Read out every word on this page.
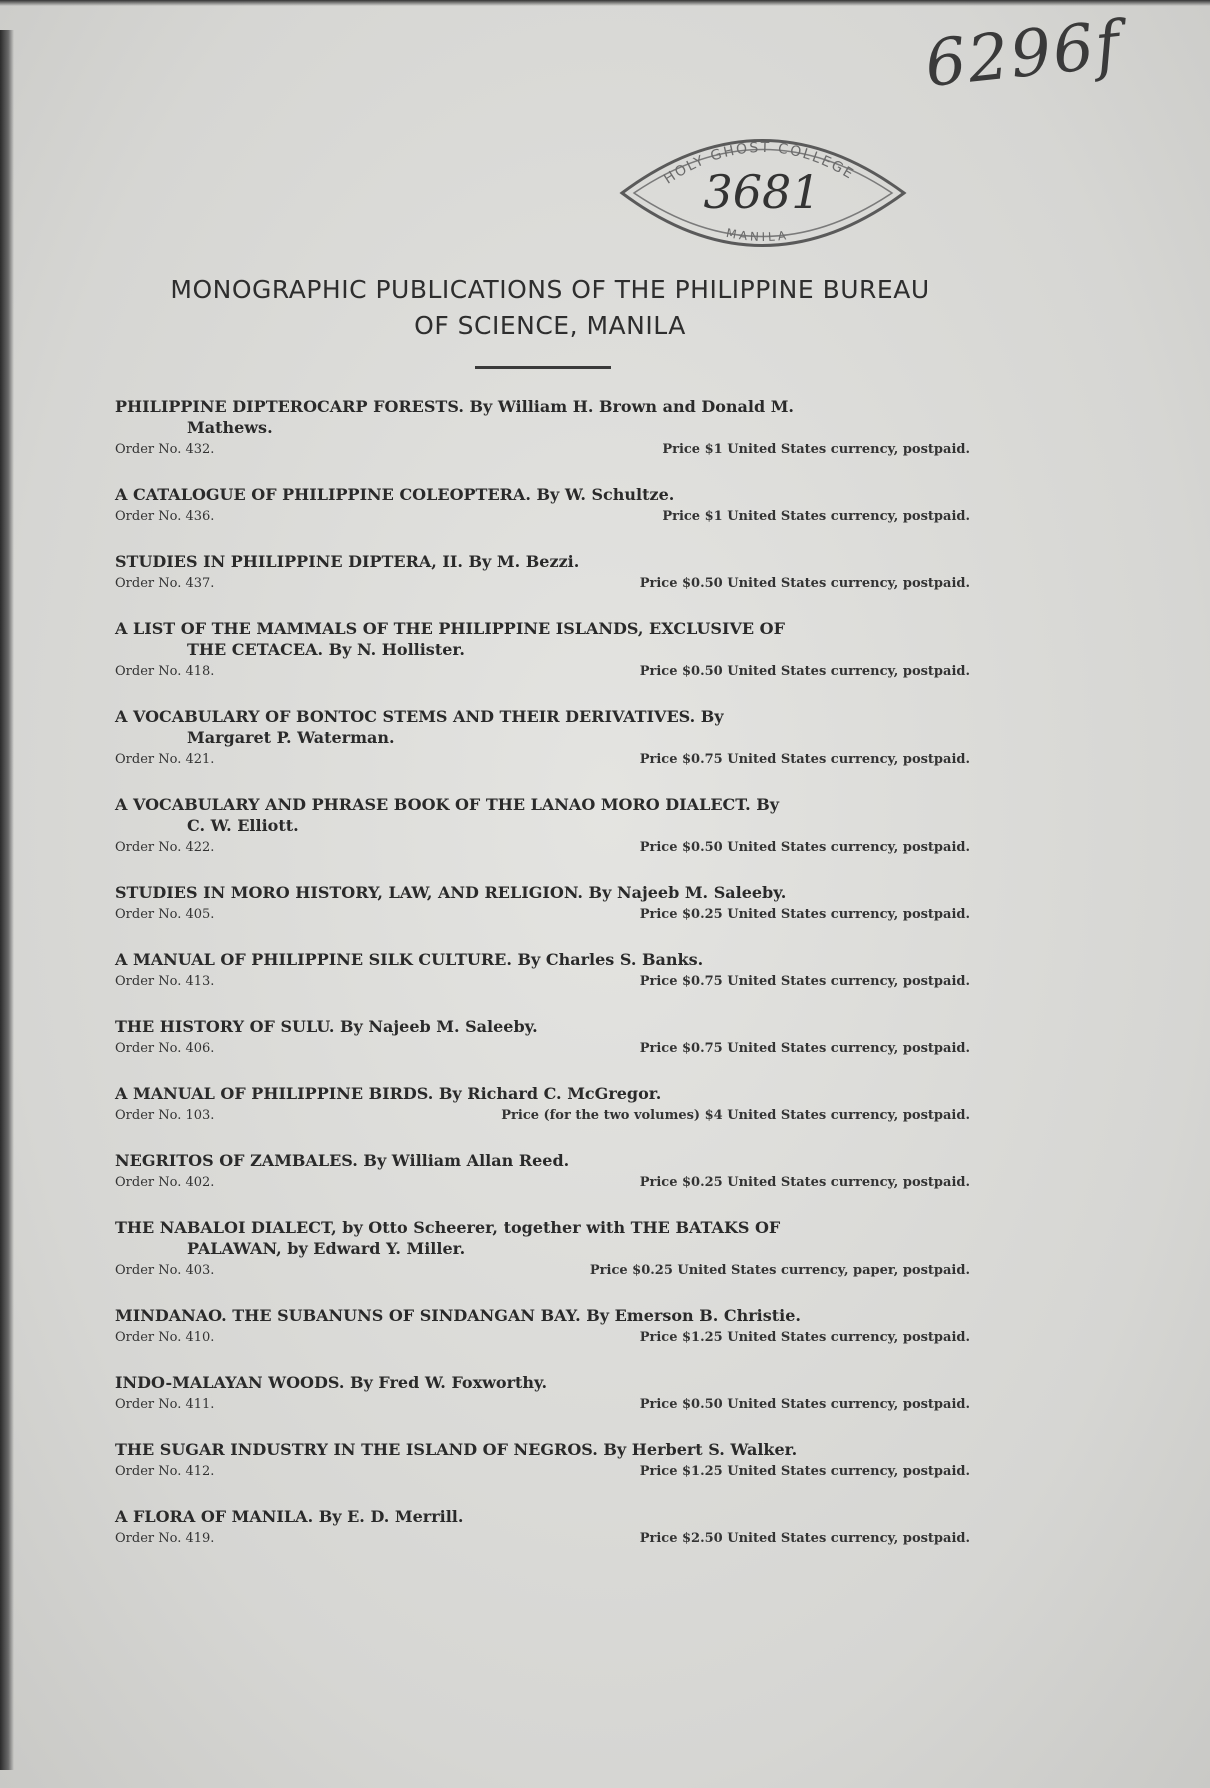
6296f
HOLY GHOST COLLEGE
3681
MANILA
MONOGRAPHIC PUBLICATIONS OF THE PHILIPPINE BUREAU
OF SCIENCE, MANILA
PHILIPPINE DIPTEROCARP FORESTS. By William H. Brown and Donald M.
Mathews.
Order No. 432.	Price $1 United States currency, postpaid.
A CATALOGUE OF PHILIPPINE COLEOPTERA. By W. Schultze.
Order No. 436.	Price $1 United States currency, postpaid.
STUDIES IN PHILIPPINE DIPTERA, II. By M. Bezzi.
Order No. 437.	Price $0.50 United States currency, postpaid.
A LIST OF THE MAMMALS OF THE PHILIPPINE ISLANDS, EXCLUSIVE OF
THE CETACEA. By N. Hollister.
Order No. 418.	Price $0.50 United States currency, postpaid.
A VOCABULARY OF BONTOC STEMS AND THEIR DERIVATIVES. By
Margaret P. Waterman.
Order No. 421.	Price $0.75 United States currency, postpaid.
A VOCABULARY AND PHRASE BOOK OF THE LANAO MORO DIALECT. By
C. W. Elliott.
Order No. 422.	Price $0.50 United States currency, postpaid.
STUDIES IN MORO HISTORY, LAW, AND RELIGION. By Najeeb M. Saleeby.
Order No. 405.	Price $0.25 United States currency, postpaid.
A MANUAL OF PHILIPPINE SILK CULTURE. By Charles S. Banks.
Order No. 413.	Price $0.75 United States currency, postpaid.
THE HISTORY OF SULU. By Najeeb M. Saleeby.
Order No. 406.	Price $0.75 United States currency, postpaid.
A MANUAL OF PHILIPPINE BIRDS. By Richard C. McGregor.
Order No. 103.	Price (for the two volumes) $4 United States currency, postpaid.
NEGRITOS OF ZAMBALES. By William Allan Reed.
Order No. 402.	Price $0.25 United States currency, postpaid.
THE NABALOI DIALECT, by Otto Scheerer, together with THE BATAKS OF
PALAWAN, by Edward Y. Miller.
Order No. 403.	Price $0.25 United States currency, paper, postpaid.
MINDANAO. THE SUBANUNS OF SINDANGAN BAY. By Emerson B. Christie.
Order No. 410.	Price $1.25 United States currency, postpaid.
INDO-MALAYAN WOODS. By Fred W. Foxworthy.
Order No. 411.	Price $0.50 United States currency, postpaid.
THE SUGAR INDUSTRY IN THE ISLAND OF NEGROS. By Herbert S. Walker.
Order No. 412.	Price $1.25 United States currency, postpaid.
A FLORA OF MANILA. By E. D. Merrill.
Order No. 419.	Price $2.50 United States currency, postpaid.
